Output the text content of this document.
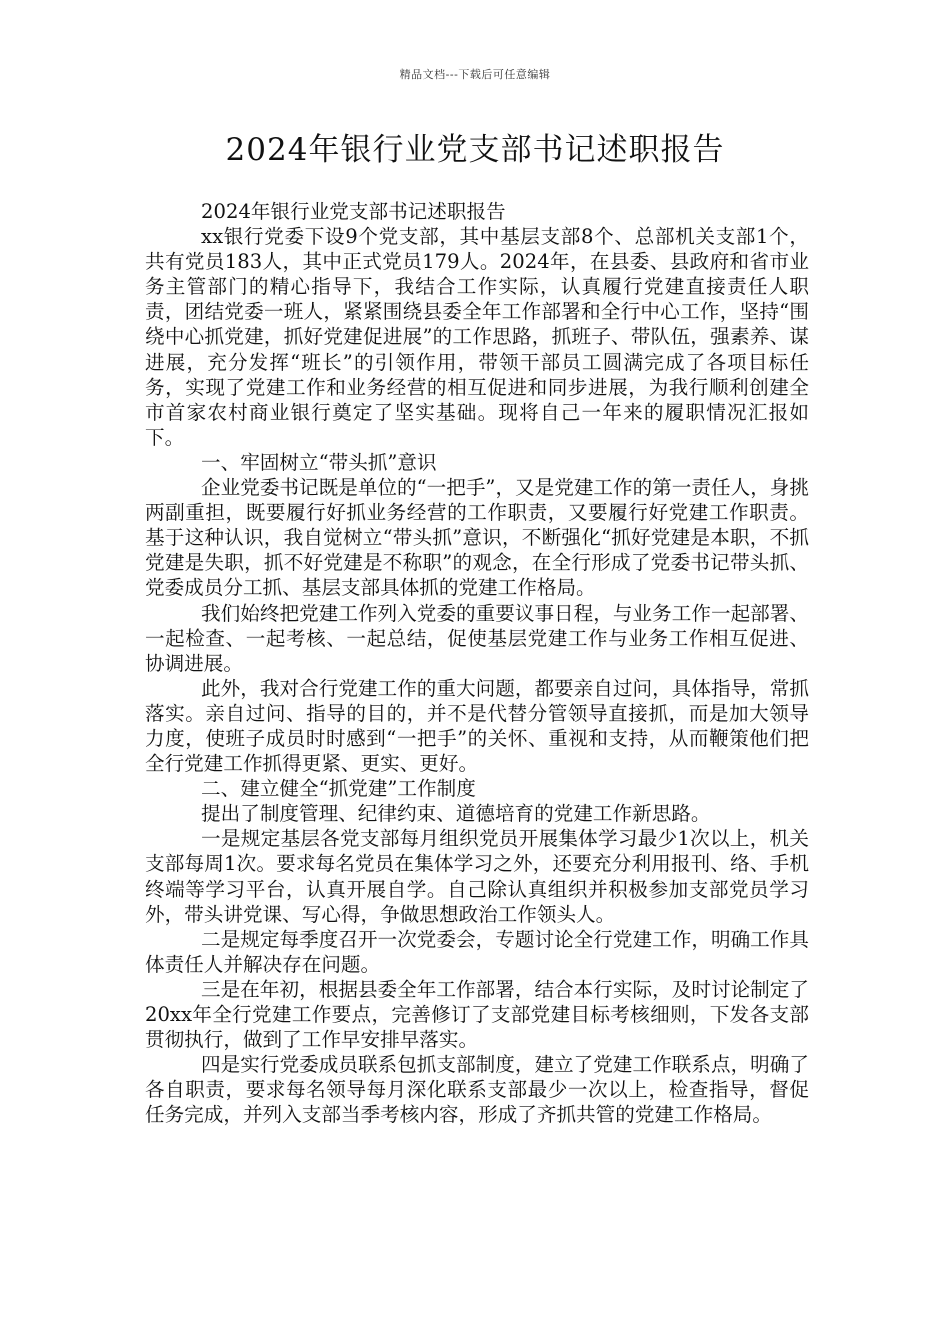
精品文档---下载后可任意编辑
2024年银行业党支部书记述职报告

2024年银行业党支部书记述职报告

xx银行党委下设9个党支部，其中基层支部8个、总部机关支部1个，共有党员183人，其中正式党员179人。2024年，在县委、县政府和省市业务主管部门的精心指导下，我结合工作实际，认真履行党建直接责任人职责，团结党委一班人，紧紧围绕县委全年工作部署和全行中心工作，坚持“围绕中心抓党建，抓好党建促进展”的工作思路，抓班子、带队伍，强素养、谋进展，充分发挥“班长”的引领作用，带领干部员工圆满完成了各项目标任务，实现了党建工作和业务经营的相互促进和同步进展，为我行顺利创建全市首家农村商业银行奠定了坚实基础。现将自己一年来的履职情况汇报如下。

一、牢固树立“带头抓”意识

企业党委书记既是单位的“一把手”，又是党建工作的第一责任人，身挑两副重担，既要履行好抓业务经营的工作职责，又要履行好党建工作职责。基于这种认识，我自觉树立“带头抓”意识，不断强化“抓好党建是本职，不抓党建是失职，抓不好党建是不称职”的观念，在全行形成了党委书记带头抓、党委成员分工抓、基层支部具体抓的党建工作格局。

我们始终把党建工作列入党委的重要议事日程，与业务工作一起部署、一起检查、一起考核、一起总结，促使基层党建工作与业务工作相互促进、协调进展。

此外，我对合行党建工作的重大问题，都要亲自过问，具体指导，常抓落实。亲自过问、指导的目的，并不是代替分管领导直接抓，而是加大领导力度，使班子成员时时感到“一把手”的关怀、重视和支持，从而鞭策他们把全行党建工作抓得更紧、更实、更好。

二、建立健全“抓党建”工作制度

提出了制度管理、纪律约束、道德培育的党建工作新思路。

一是规定基层各党支部每月组织党员开展集体学习最少1次以上，机关支部每周1次。要求每名党员在集体学习之外，还要充分利用报刊、络、手机终端等学习平台，认真开展自学。自己除认真组织并积极参加支部党员学习外，带头讲党课、写心得，争做思想政治工作领头人。

二是规定每季度召开一次党委会，专题讨论全行党建工作，明确工作具体责任人并解决存在问题。

三是在年初，根据县委全年工作部署，结合本行实际，及时讨论制定了20xx年全行党建工作要点，完善修订了支部党建目标考核细则，下发各支部贯彻执行，做到了工作早安排早落实。

四是实行党委成员联系包抓支部制度，建立了党建工作联系点，明确了各自职责，要求每名领导每月深化联系支部最少一次以上，检查指导，督促任务完成，并列入支部当季考核内容，形成了齐抓共管的党建工作格局。
